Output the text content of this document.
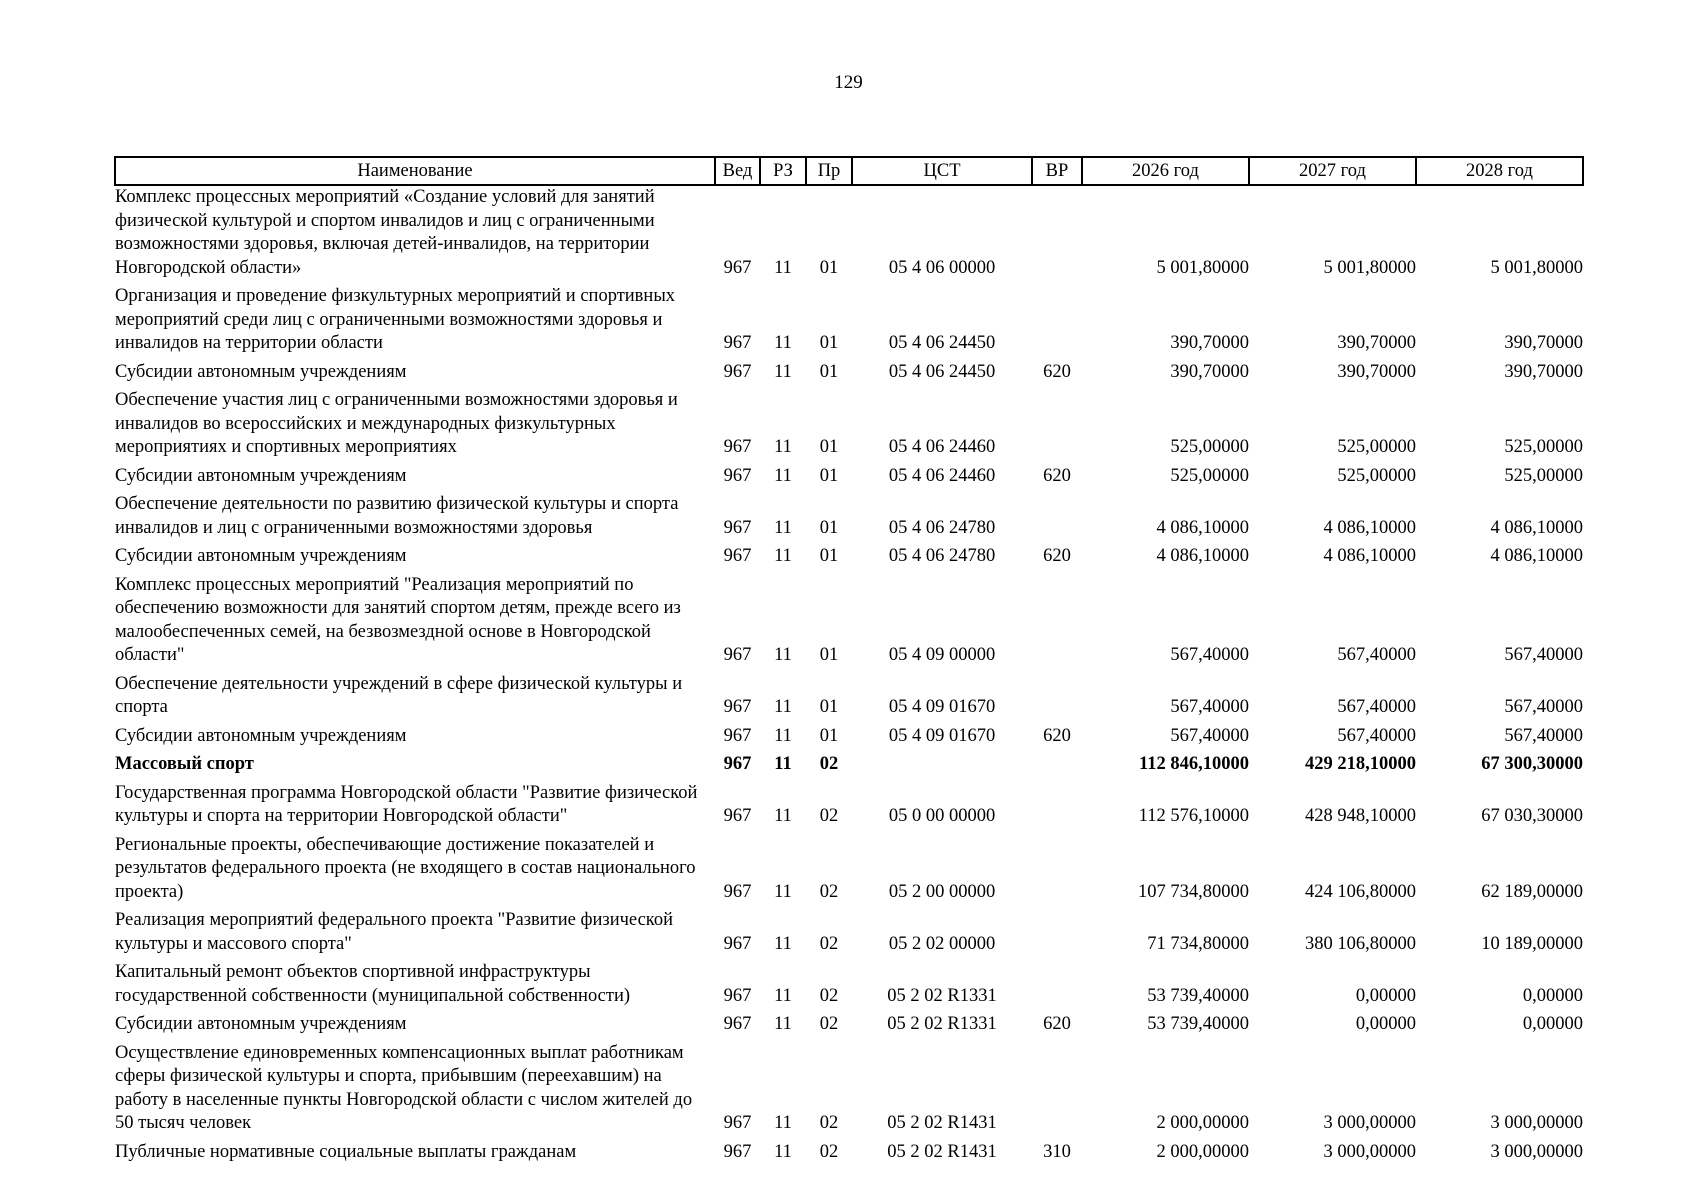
129
Наименование	Вед	РЗ	Пр	ЦСТ	ВР	2026 год	2027 год	2028 год
Комплекс процессных мероприятий «Создание условий для занятий физической культурой и спортом инвалидов и лиц с ограниченными возможностями здоровья, включая детей-инвалидов, на территории Новгородской области»	967	11	01	05 4 06 00000		5 001,80000	5 001,80000	5 001,80000
Организация и проведение физкультурных мероприятий и спортивных мероприятий среди лиц с ограниченными возможностями здоровья и инвалидов на территории области	967	11	01	05 4 06 24450		390,70000	390,70000	390,70000
Субсидии автономным учреждениям	967	11	01	05 4 06 24450	620	390,70000	390,70000	390,70000
Обеспечение участия лиц с ограниченными возможностями здоровья и инвалидов во всероссийских и международных физкультурных мероприятиях и спортивных мероприятиях	967	11	01	05 4 06 24460		525,00000	525,00000	525,00000
Субсидии автономным учреждениям	967	11	01	05 4 06 24460	620	525,00000	525,00000	525,00000
Обеспечение деятельности по развитию физической культуры и спорта инвалидов и лиц с ограниченными возможностями здоровья	967	11	01	05 4 06 24780		4 086,10000	4 086,10000	4 086,10000
Субсидии автономным учреждениям	967	11	01	05 4 06 24780	620	4 086,10000	4 086,10000	4 086,10000
Комплекс процессных мероприятий "Реализация мероприятий по обеспечению возможности для занятий спортом детям, прежде всего из малообеспеченных семей, на безвозмездной основе в Новгородской области"	967	11	01	05 4 09 00000		567,40000	567,40000	567,40000
Обеспечение деятельности учреждений в сфере физической культуры и спорта	967	11	01	05 4 09 01670		567,40000	567,40000	567,40000
Субсидии автономным учреждениям	967	11	01	05 4 09 01670	620	567,40000	567,40000	567,40000
Массовый спорт	967	11	02			112 846,10000	429 218,10000	67 300,30000
Государственная программа Новгородской области "Развитие физической культуры и спорта на территории Новгородской области"	967	11	02	05 0 00 00000		112 576,10000	428 948,10000	67 030,30000
Региональные проекты, обеспечивающие достижение показателей и результатов федерального проекта (не входящего в состав национального проекта)	967	11	02	05 2 00 00000		107 734,80000	424 106,80000	62 189,00000
Реализация мероприятий федерального проекта "Развитие физической культуры и массового спорта"	967	11	02	05 2 02 00000		71 734,80000	380 106,80000	10 189,00000
Капитальный ремонт объектов спортивной инфраструктуры государственной собственности (муниципальной собственности)	967	11	02	05 2 02 R1331		53 739,40000	0,00000	0,00000
Субсидии автономным учреждениям	967	11	02	05 2 02 R1331	620	53 739,40000	0,00000	0,00000
Осуществление единовременных компенсационных выплат работникам сферы физической культуры и спорта, прибывшим (переехавшим) на работу в населенные пункты Новгородской области с числом жителей до 50 тысяч человек	967	11	02	05 2 02 R1431		2 000,00000	3 000,00000	3 000,00000
Публичные нормативные социальные выплаты гражданам	967	11	02	05 2 02 R1431	310	2 000,00000	3 000,00000	3 000,00000
